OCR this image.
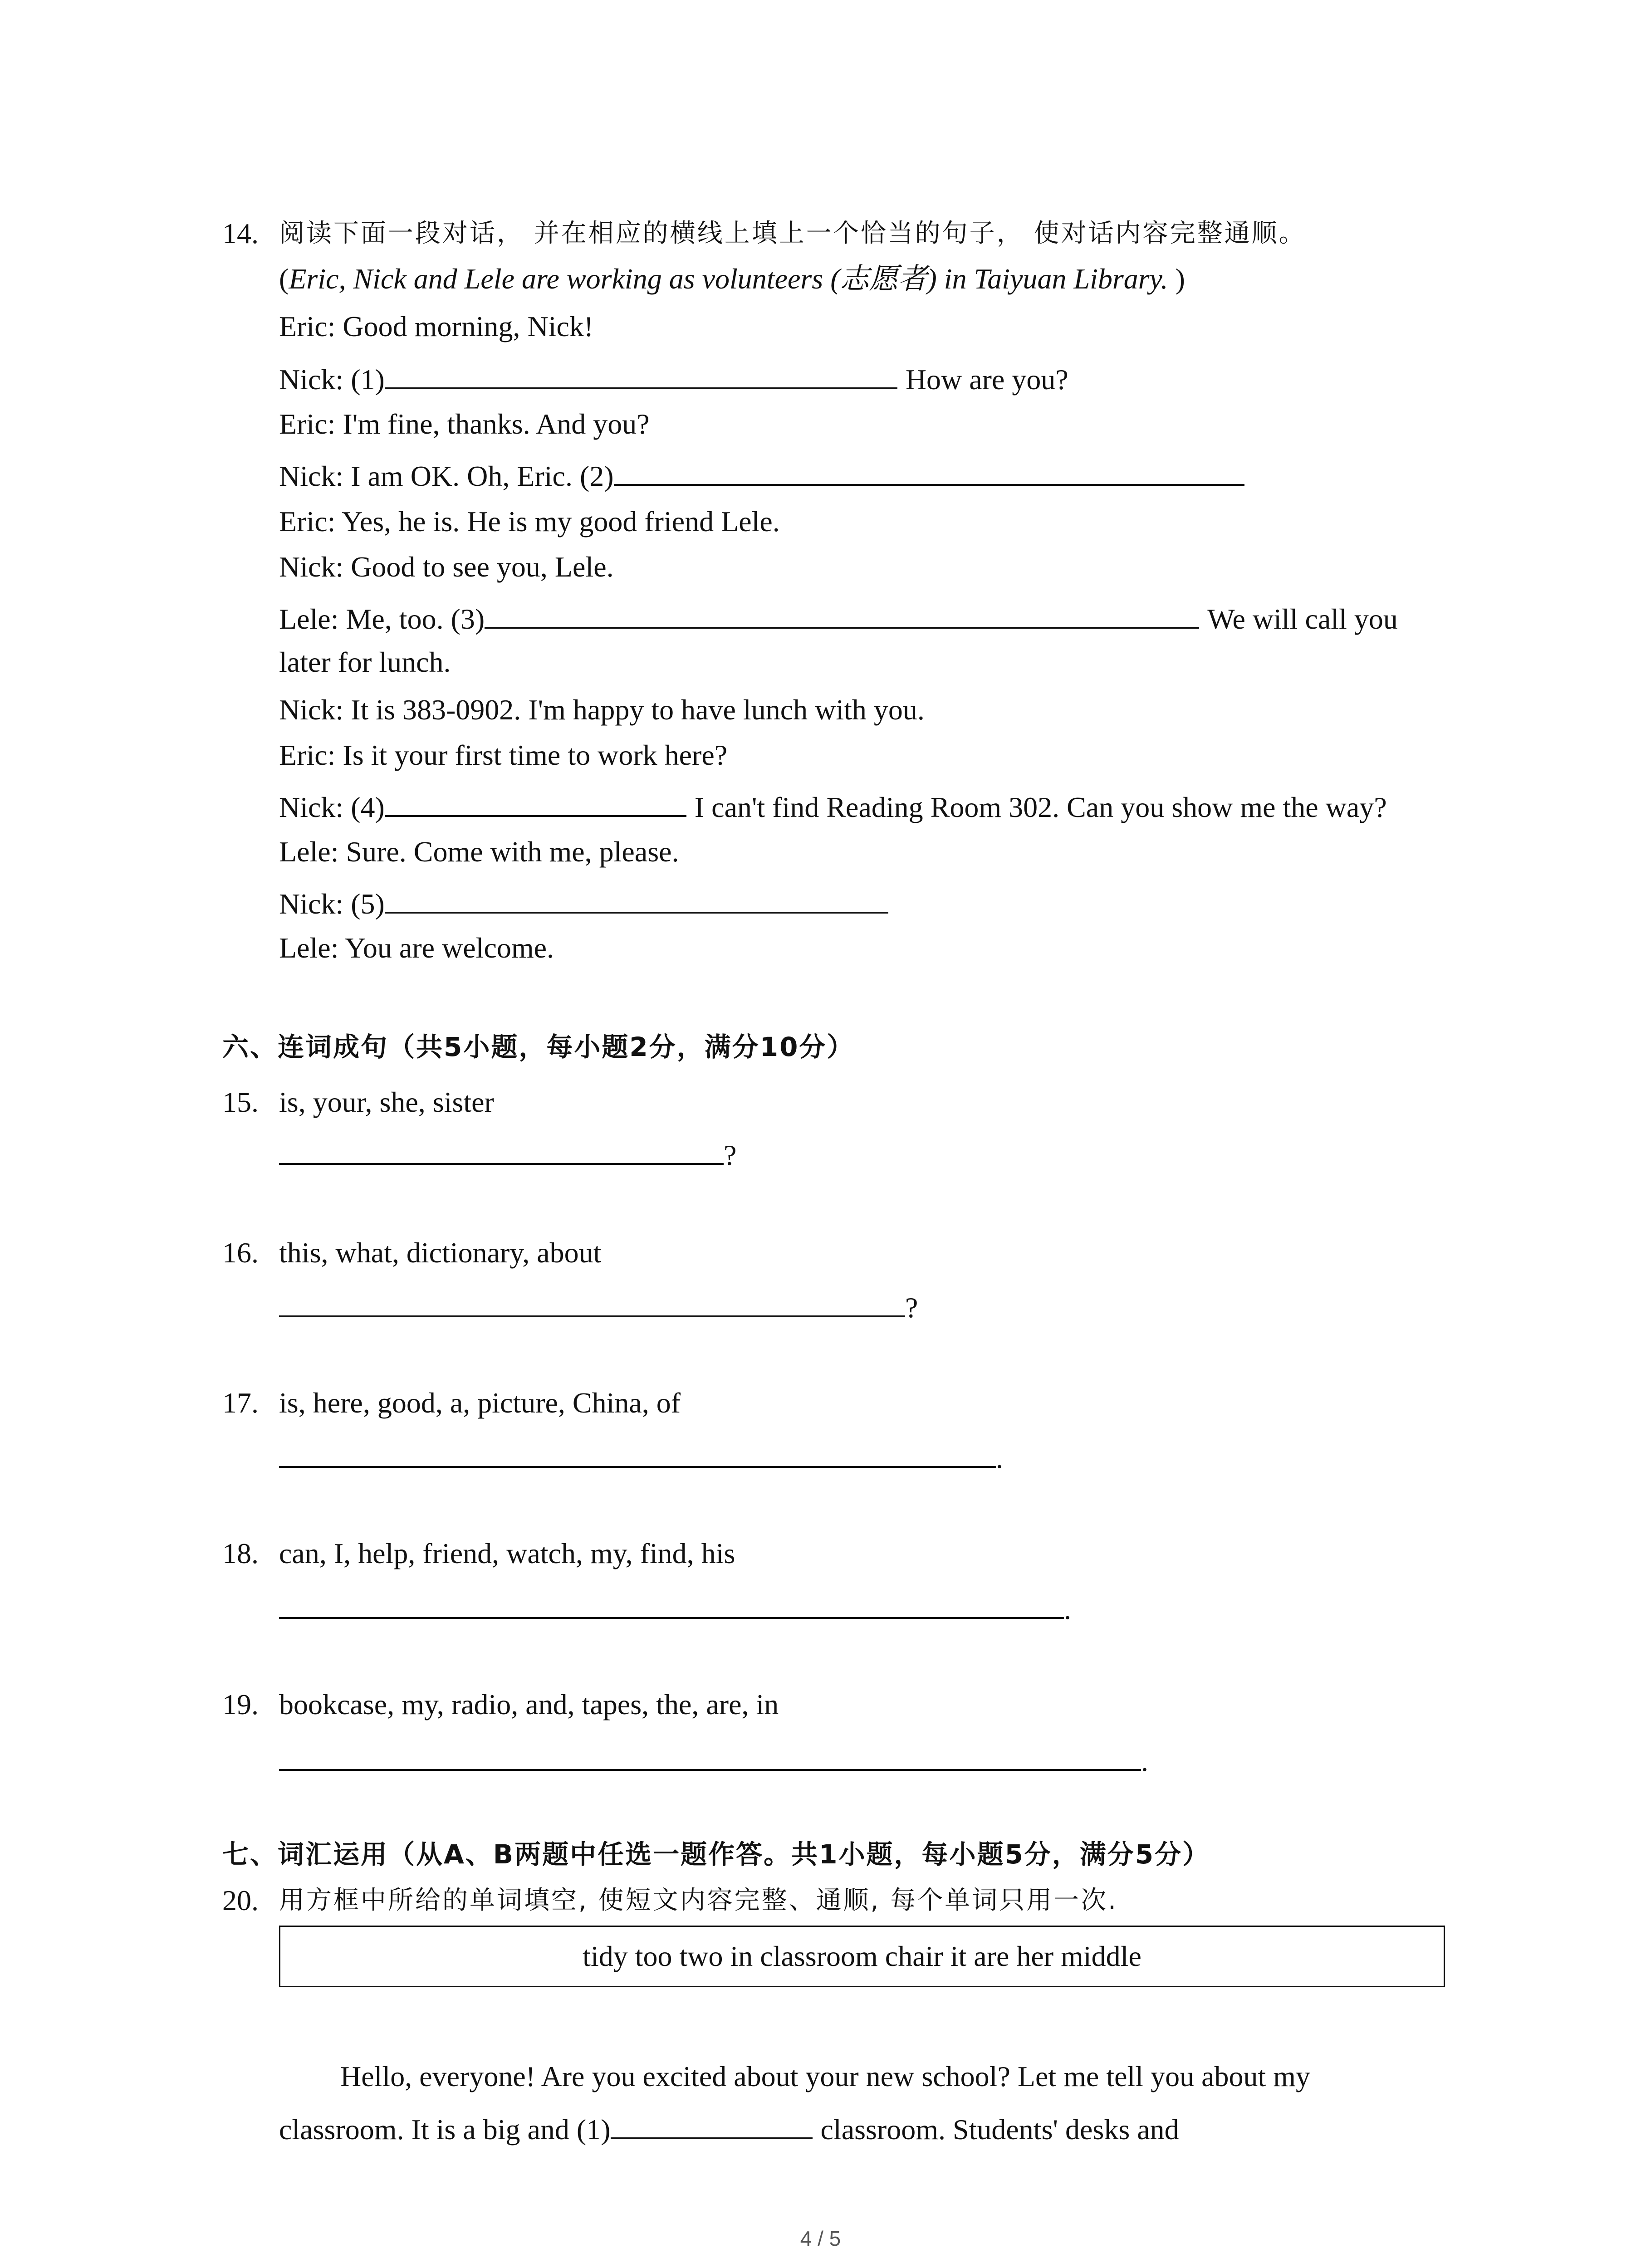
14. 阅读下面一段对话， 并在相应的横线上填上一个恰当的句子， 使对话内容完整通顺。
(Eric, Nick and Lele are working as volunteers (志愿者) in Taiyuan Library. )
Eric: Good morning, Nick!
Nick: (1)	How are you?
Eric: I'm fine, thanks. And you?
Nick: I am OK. Oh, Eric. (2)
Eric: Yes, he is. He is my good friend Lele.
Nick: Good to see you, Lele.
Lele: Me, too. (3)	We will call you
later for lunch.
Nick: It is 383-0902. I'm happy to have lunch with you.
Eric: Is it your first time to work here?
Nick: (4)	I can't find Reading Room 302. Can you show me the way?
Lele: Sure. Come with me, please.
Nick: (5)
Lele: You are welcome.
六、连词成句（共5小题，每小题2分，满分10分）
15. is, your, she, sister
?
16. this, what, dictionary, about
?
17. is, here, good, a, picture, China, of
.
18. can, I, help, friend, watch, my, find, his
.
19. bookcase, my, radio, and, tapes, the, are, in
.
七、词汇运用（从A、B两题中任选一题作答。共1小题，每小题5分，满分5分）
20. 用方框中所给的单词填空, 使短文内容完整、通顺, 每个单词只用一次.
tidy too two in classroom chair it are her middle
Hello, everyone! Are you excited about your new school? Let me tell you about my
classroom. It is a big and (1)	classroom. Students' desks and
4 / 5
